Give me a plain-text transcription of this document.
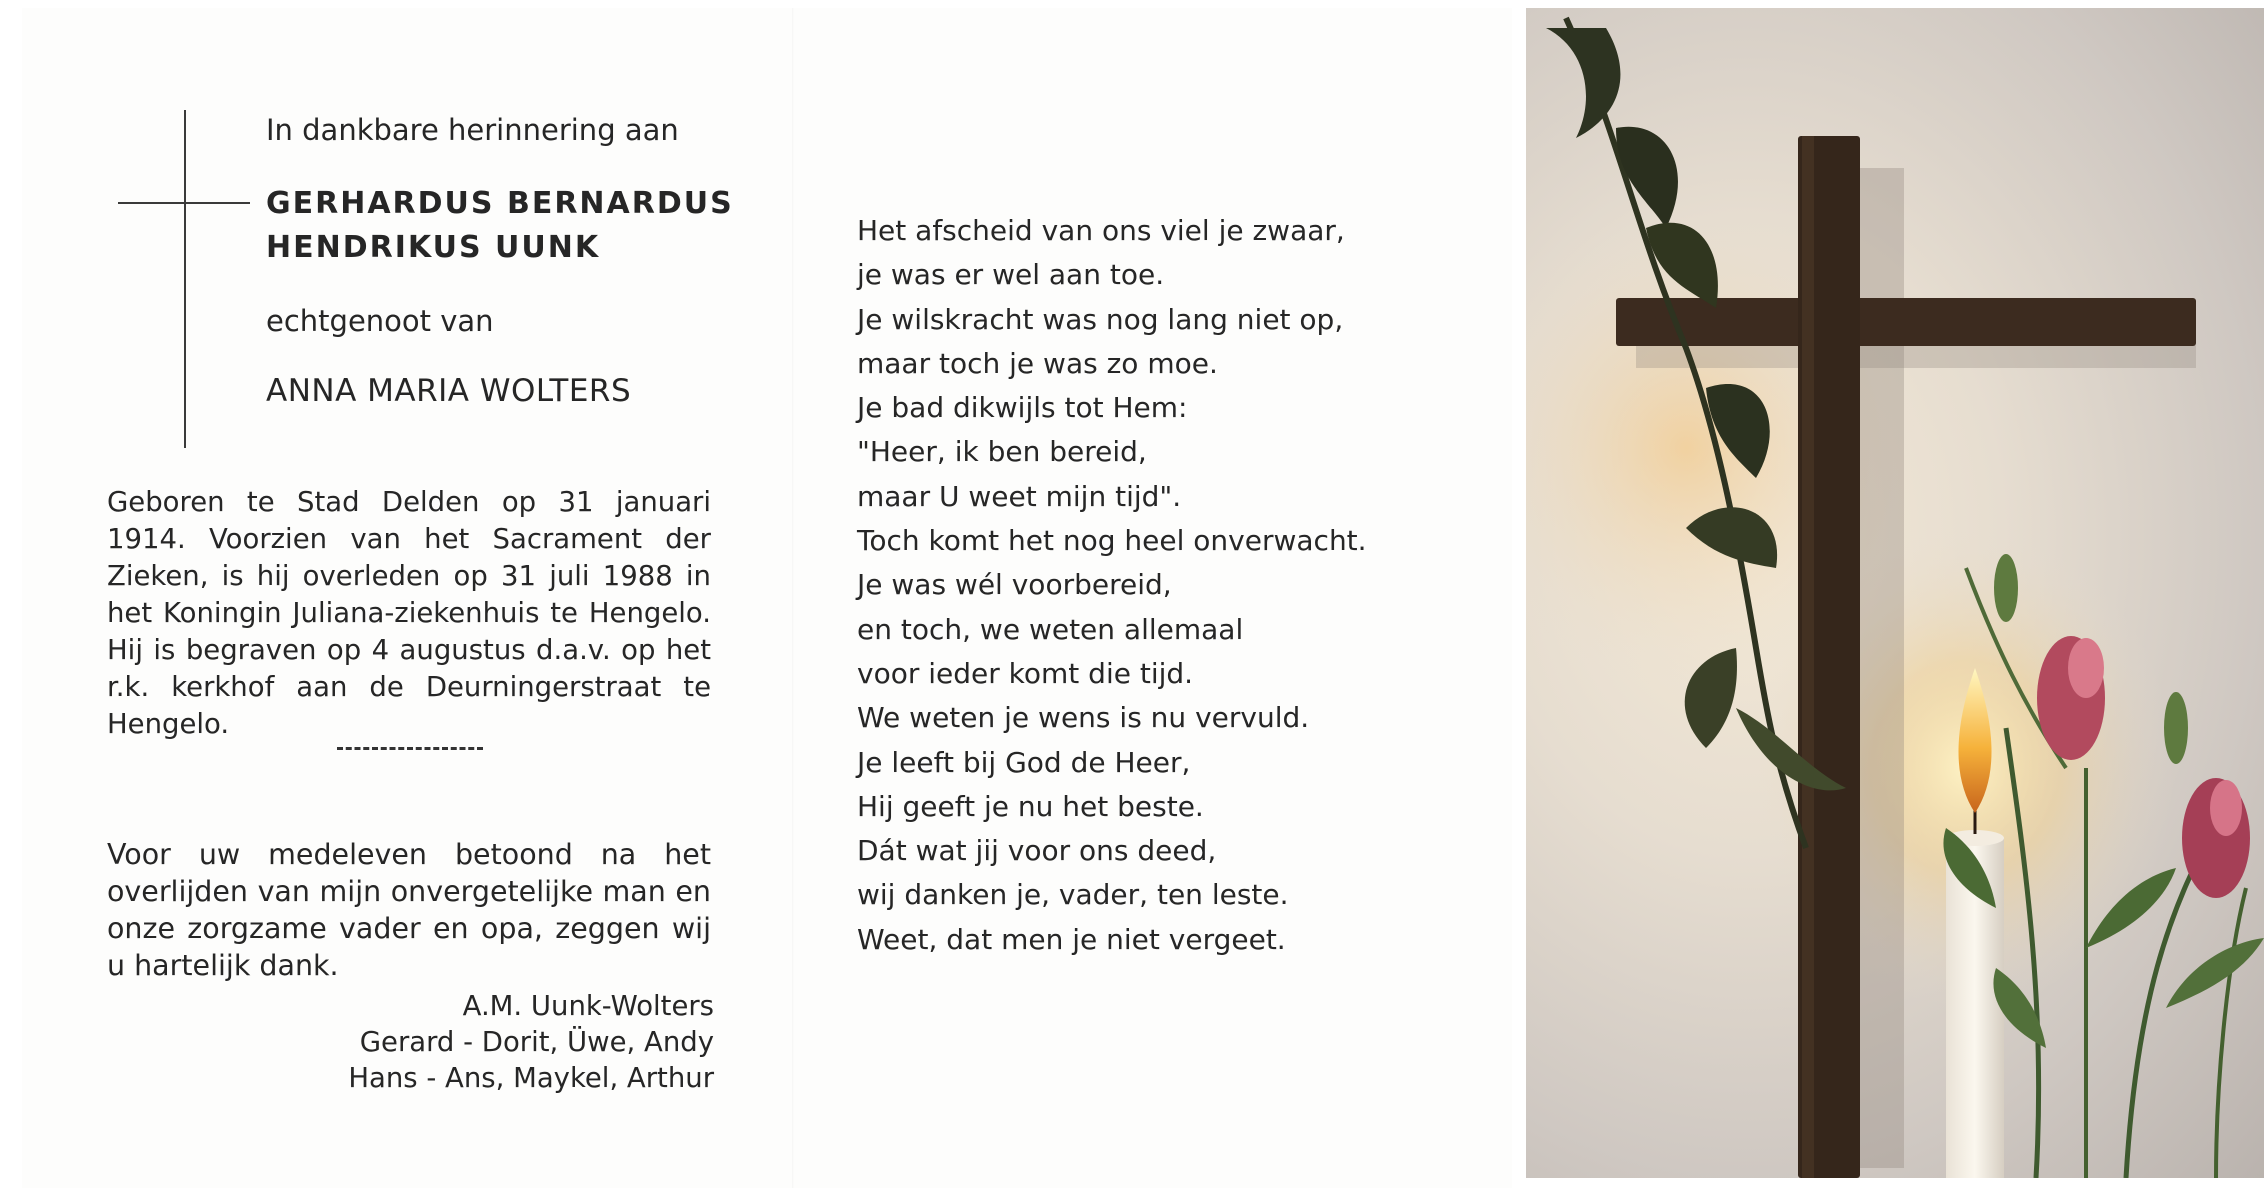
In dankbare herinnering aan
GERHARDUS BERNARDUS
HENDRIKUS UUNK
echtgenoot van
ANNA MARIA WOLTERS
Geboren te Stad Delden op 31 januari 1914. Voorzien van het Sacrament der Zieken, is hij overleden op 31 juli 1988 in het Koningin Juliana-ziekenhuis te Hengelo. Hij is begraven op 4 augustus d.a.v. op het r.k. kerkhof aan de Deurningerstraat te Hengelo.
Voor uw medeleven betoond na het overlijden van mijn onvergetelijke man en onze zorgzame vader en opa, zeggen wij u hartelijk dank.
A.M. Uunk-Wolters
Gerard - Dorit, Üwe, Andy
Hans - Ans, Maykel, Arthur
Het afscheid van ons viel je zwaar,
je was er wel aan toe.
Je wilskracht was nog lang niet op,
maar toch je was zo moe.
Je bad dikwijls tot Hem:
"Heer, ik ben bereid,
maar U weet mijn tijd".
Toch komt het nog heel onverwacht.
Je was wél voorbereid,
en toch, we weten allemaal
voor ieder komt die tijd.
We weten je wens is nu vervuld.
Je leeft bij God de Heer,
Hij geeft je nu het beste.
Dát wat jij voor ons deed,
wij danken je, vader, ten leste.
Weet, dat men je niet vergeet.
